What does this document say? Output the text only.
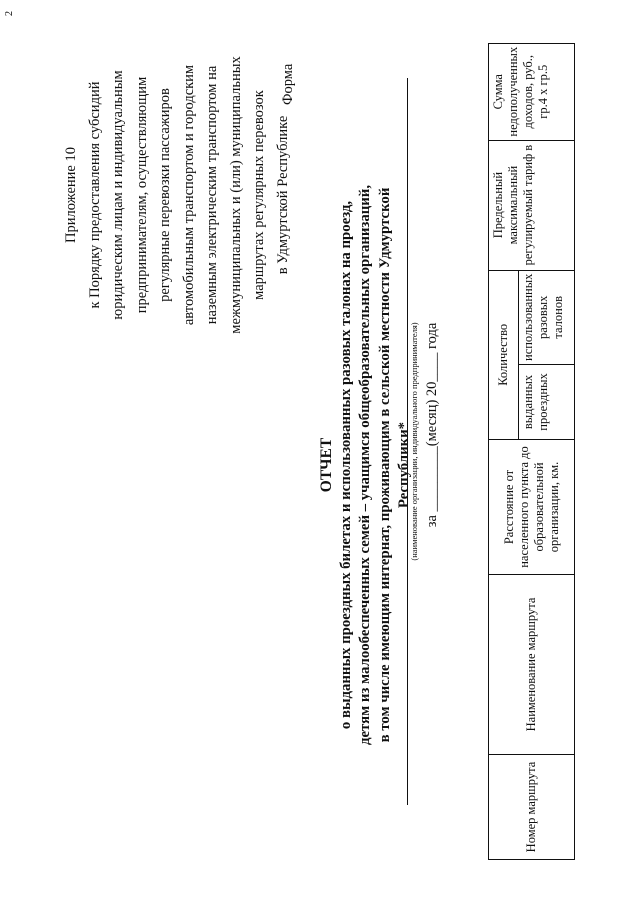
2
Приложение 10 к Порядку предоставления субсидий юридическим лицам и индивидуальным предпринимателям, осуществляющим регулярные перевозки пассажиров автомобильным транспортом и городским наземным электрическим транспортом на межмуниципальных и (или) муниципальных маршрутах регулярных перевозок в Удмуртской Республике
Форма
ОТЧЕТ о выданных проездных билетах и использованных разовых талонах на проезд, детям из малообеспеченных семей – учащимся общеобразовательных организаций, в том числе имеющим интернат, проживающим в сельской местности Удмуртской Республики*
(наименование организации, индивидуального предпринимателя) за _________(месяц) 20____ года
Номер маршрута	Наименование маршрута	Расстояние от населенного пункта до образовательной организации, км.	Количество		Предельный максимальный регулируемый тариф в	Сумма недополученных доходов, руб., гр.4 х гр.5
			выданных проездных	использованных разовых талонов		
